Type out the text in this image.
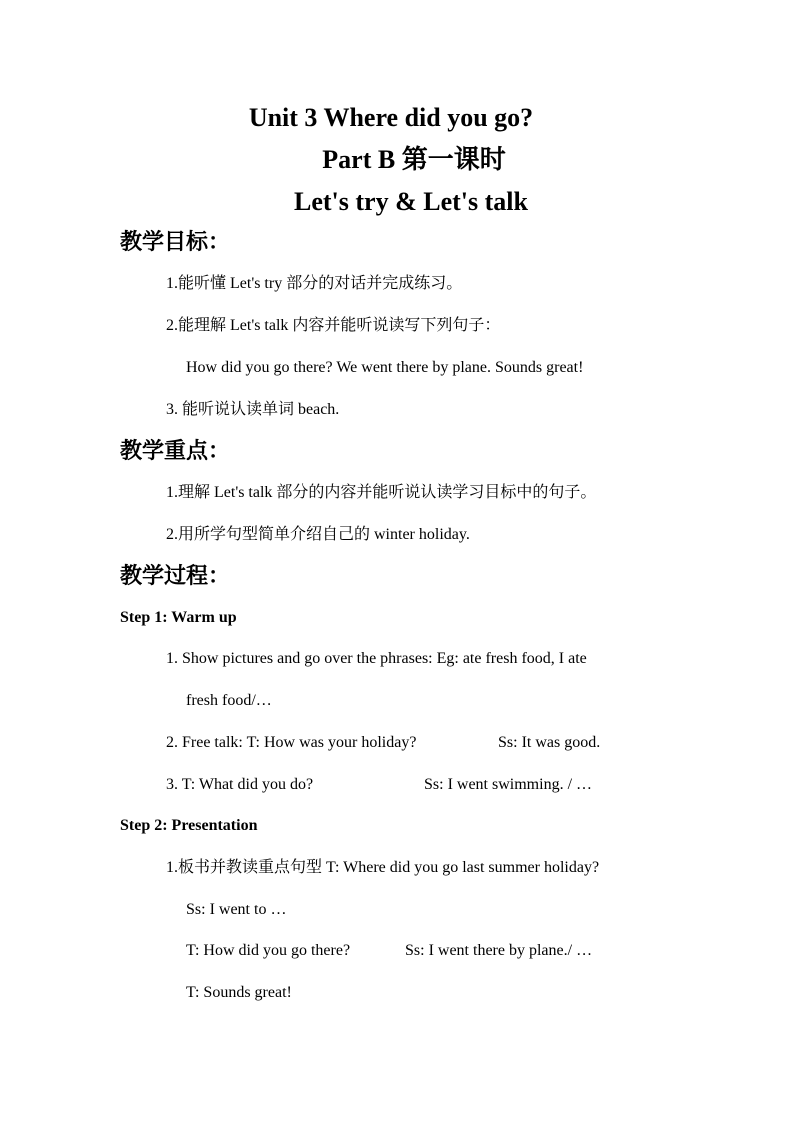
Unit 3 Where did you go?
Part B 第一课时
Let's try & Let's talk
教学目标：
1.能听懂 Let's try 部分的对话并完成练习。
2.能理解 Let's talk 内容并能听说读写下列句子：
How did you go there? We went there by plane. Sounds great!
3. 能听说认读单词 beach.
教学重点：
1.理解 Let's talk 部分的内容并能听说认读学习目标中的句子。
2.用所学句型简单介绍自己的 winter holiday.
教学过程：
Step 1: Warm up
1. Show pictures and go over the phrases: Eg: ate fresh food, I ate
fresh food/…
2. Free talk: T: How was your holiday?	Ss: It was good.
3. T: What did you do?	Ss: I went swimming. / …
Step 2: Presentation
1.板书并教读重点句型 T: Where did you go last summer holiday?
Ss: I went to …
T: How did you go there?	Ss: I went there by plane./ …
T: Sounds great!
